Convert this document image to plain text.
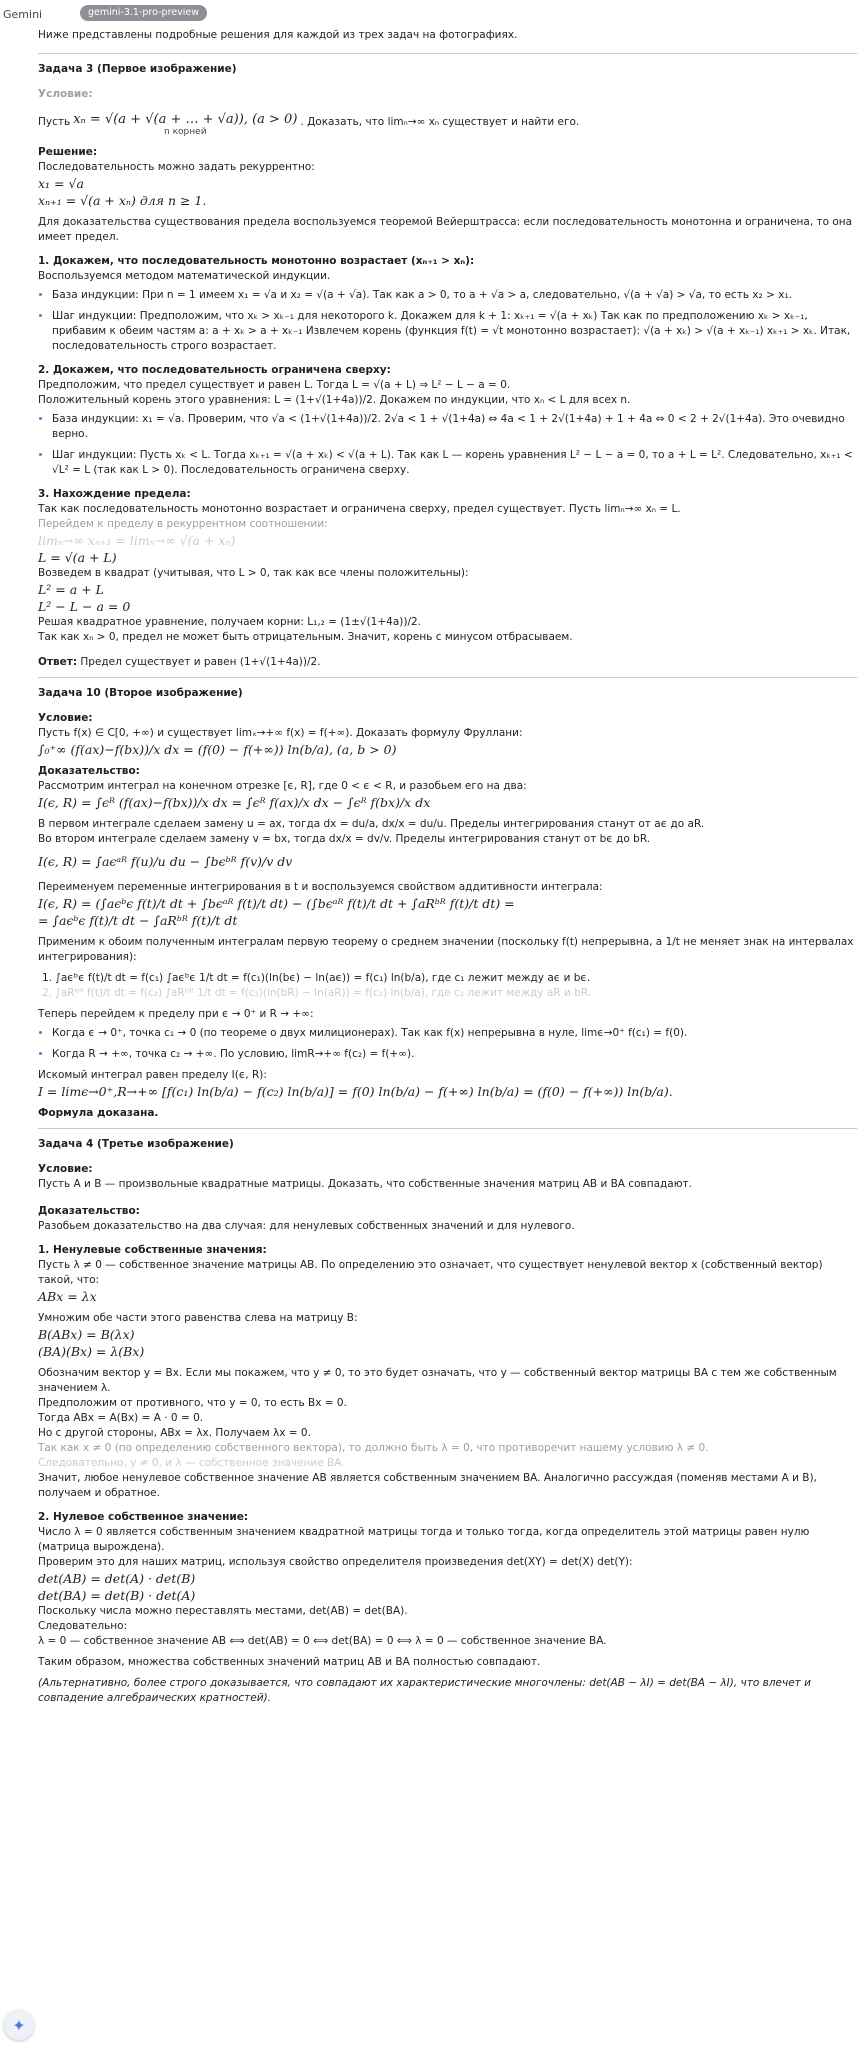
Gemini	gemini-3.1-pro-preview

Ниже представлены подробные решения для каждой из трех задач на фотографиях.

Задача 3 (Первое изображение)

Условие:

Пусть xₙ = √(a + √(a + … + √a)), (a > 0)
n корней
. Доказать, что limₙ→∞ xₙ существует и найти его.

Решение:

Последовательность можно задать рекуррентно:

x₁ = √a

xₙ₊₁ = √(a + xₙ) для n ≥ 1.

Для доказательства существования предела воспользуемся теоремой Вейерштрасса: если последовательность монотонна и ограничена, то она имеет предел.

1. Докажем, что последовательность монотонно возрастает (xₙ₊₁ > xₙ):

Воспользуемся методом математической индукции.

• База индукции: При n = 1 имеем x₁ = √a и x₂ = √(a + √a). Так как a > 0, то a + √a > a, следовательно, √(a + √a) > √a, то есть x₂ > x₁.
• Шаг индукции: Предположим, что xₖ > xₖ₋₁ для некоторого k. Докажем для k + 1: xₖ₊₁ = √(a + xₖ) Так как по предположению xₖ > xₖ₋₁, прибавим к обеим частям a: a + xₖ > a + xₖ₋₁ Извлечем корень (функция f(t) = √t монотонно возрастает): √(a + xₖ) > √(a + xₖ₋₁) xₖ₊₁ > xₖ. Итак, последовательность строго возрастает.

2. Докажем, что последовательность ограничена сверху:

Предположим, что предел существует и равен L. Тогда L = √(a + L) ⇒ L² − L − a = 0.

Положительный корень этого уравнения: L = (1+√(1+4a))/2. Докажем по индукции, что xₙ < L для всех n.

• База индукции: x₁ = √a. Проверим, что √a < (1+√(1+4a))/2. 2√a < 1 + √(1+4a) ⇔ 4a < 1 + 2√(1+4a) + 1 + 4a ⇔ 0 < 2 + 2√(1+4a). Это очевидно верно.
• Шаг индукции: Пусть xₖ < L. Тогда xₖ₊₁ = √(a + xₖ) < √(a + L). Так как L — корень уравнения L² − L − a = 0, то a + L = L². Следовательно, xₖ₊₁ < √L² = L (так как L > 0). Последовательность ограничена сверху.

3. Нахождение предела:

Так как последовательность монотонно возрастает и ограничена сверху, предел существует. Пусть limₙ→∞ xₙ = L.

Перейдем к пределу в рекуррентном соотношении:

limₙ→∞ xₙ₊₁ = limₙ→∞ √(a + xₙ)

L = √(a + L)

Возведем в квадрат (учитывая, что L > 0, так как все члены положительны):

L² = a + L

L² − L − a = 0

Решая квадратное уравнение, получаем корни: L₁,₂ = (1±√(1+4a))/2.

Так как xₙ > 0, предел не может быть отрицательным. Значит, корень с минусом отбрасываем.

Ответ: Предел существует и равен (1+√(1+4a))/2.

Задача 10 (Второе изображение)

Условие:

Пусть f(x) ∈ C[0, +∞) и существует limₓ→+∞ f(x) = f(+∞). Доказать формулу Фруллани:

∫₀⁺∞ (f(ax)−f(bx))/x dx = (f(0) − f(+∞)) ln(b/a), (a, b > 0)

Доказательство:

Рассмотрим интеграл на конечном отрезке [ϵ, R], где 0 < ϵ < R, и разобьем его на два:

I(ϵ, R) = ∫ϵᴿ (f(ax)−f(bx))/x dx = ∫ϵᴿ f(ax)/x dx − ∫ϵᴿ f(bx)/x dx

В первом интеграле сделаем замену u = ax, тогда dx = du/a, dx/x = du/u. Пределы интегрирования станут от aϵ до aR.

Во втором интеграле сделаем замену v = bx, тогда dx/x = dv/v. Пределы интегрирования станут от bϵ до bR.

I(ϵ, R) = ∫aϵᵃᴿ f(u)/u du − ∫bϵᵇᴿ f(v)/v dv

Переименуем переменные интегрирования в t и воспользуемся свойством аддитивности интеграла:

I(ϵ, R) = (∫aϵᵇϵ f(t)/t dt + ∫bϵᵃᴿ f(t)/t dt) − (∫bϵᵃᴿ f(t)/t dt + ∫aRᵇᴿ f(t)/t dt) =

= ∫aϵᵇϵ f(t)/t dt − ∫aRᵇᴿ f(t)/t dt

Применим к обоим полученным интегралам первую теорему о среднем значении (поскольку f(t) непрерывна, а 1/t не меняет знак на интервалах интегрирования):

1. ∫aϵᵇϵ f(t)/t dt = f(c₁) ∫aϵᵇϵ 1/t dt = f(c₁)(ln(bϵ) − ln(aϵ)) = f(c₁) ln(b/a), где c₁ лежит между aϵ и bϵ.

2. ∫aRᵇᴿ f(t)/t dt = f(c₂) ∫aRᵇᴿ 1/t dt = f(c₂)(ln(bR) − ln(aR)) = f(c₂) ln(b/a), где c₂ лежит между aR и bR.

Теперь перейдем к пределу при ϵ → 0⁺ и R → +∞:

• Когда ϵ → 0⁺, точка c₁ → 0 (по теореме о двух милиционерах). Так как f(x) непрерывна в нуле, limϵ→0⁺ f(c₁) = f(0).
• Когда R → +∞, точка c₂ → +∞. По условию, limR→+∞ f(c₂) = f(+∞).

Искомый интеграл равен пределу I(ϵ, R):

I = limϵ→0⁺,R→+∞ [f(c₁) ln(b/a) − f(c₂) ln(b/a)] = f(0) ln(b/a) − f(+∞) ln(b/a) = (f(0) − f(+∞)) ln(b/a).

Формула доказана.

Задача 4 (Третье изображение)

Условие:

Пусть A и B — произвольные квадратные матрицы. Доказать, что собственные значения матриц AB и BA совпадают.

Доказательство:

Разобьем доказательство на два случая: для ненулевых собственных значений и для нулевого.

1. Ненулевые собственные значения:

Пусть λ ≠ 0 — собственное значение матрицы AB. По определению это означает, что существует ненулевой вектор x (собственный вектор) такой, что:

ABx = λx

Умножим обе части этого равенства слева на матрицу B:

B(ABx) = B(λx)

(BA)(Bx) = λ(Bx)

Обозначим вектор y = Bx. Если мы покажем, что y ≠ 0, то это будет означать, что y — собственный вектор матрицы BA с тем же собственным значением λ.

Предположим от противного, что y = 0, то есть Bx = 0.

Тогда ABx = A(Bx) = A · 0 = 0.

Но с другой стороны, ABx = λx. Получаем λx = 0.

Так как x ≠ 0 (по определению собственного вектора), то должно быть λ = 0, что противоречит нашему условию λ ≠ 0.

Следовательно, y ≠ 0, и λ — собственное значение BA.

Значит, любое ненулевое собственное значение AB является собственным значением BA. Аналогично рассуждая (поменяв местами A и B), получаем и обратное.

2. Нулевое собственное значение:

Число λ = 0 является собственным значением квадратной матрицы тогда и только тогда, когда определитель этой матрицы равен нулю (матрица вырождена).

Проверим это для наших матриц, используя свойство определителя произведения det(XY) = det(X) det(Y):

det(AB) = det(A) · det(B)

det(BA) = det(B) · det(A)

Поскольку числа можно переставлять местами, det(AB) = det(BA).

Следовательно:

λ = 0 — собственное значение AB ⟺ det(AB) = 0 ⟺ det(BA) = 0 ⟺ λ = 0 — собственное значение BA.

Таким образом, множества собственных значений матриц AB и BA полностью совпадают.

(Альтернативно, более строго доказывается, что совпадают их характеристические многочлены: det(AB − λI) = det(BA − λI), что влечет и совпадение алгебраических кратностей).

✦
